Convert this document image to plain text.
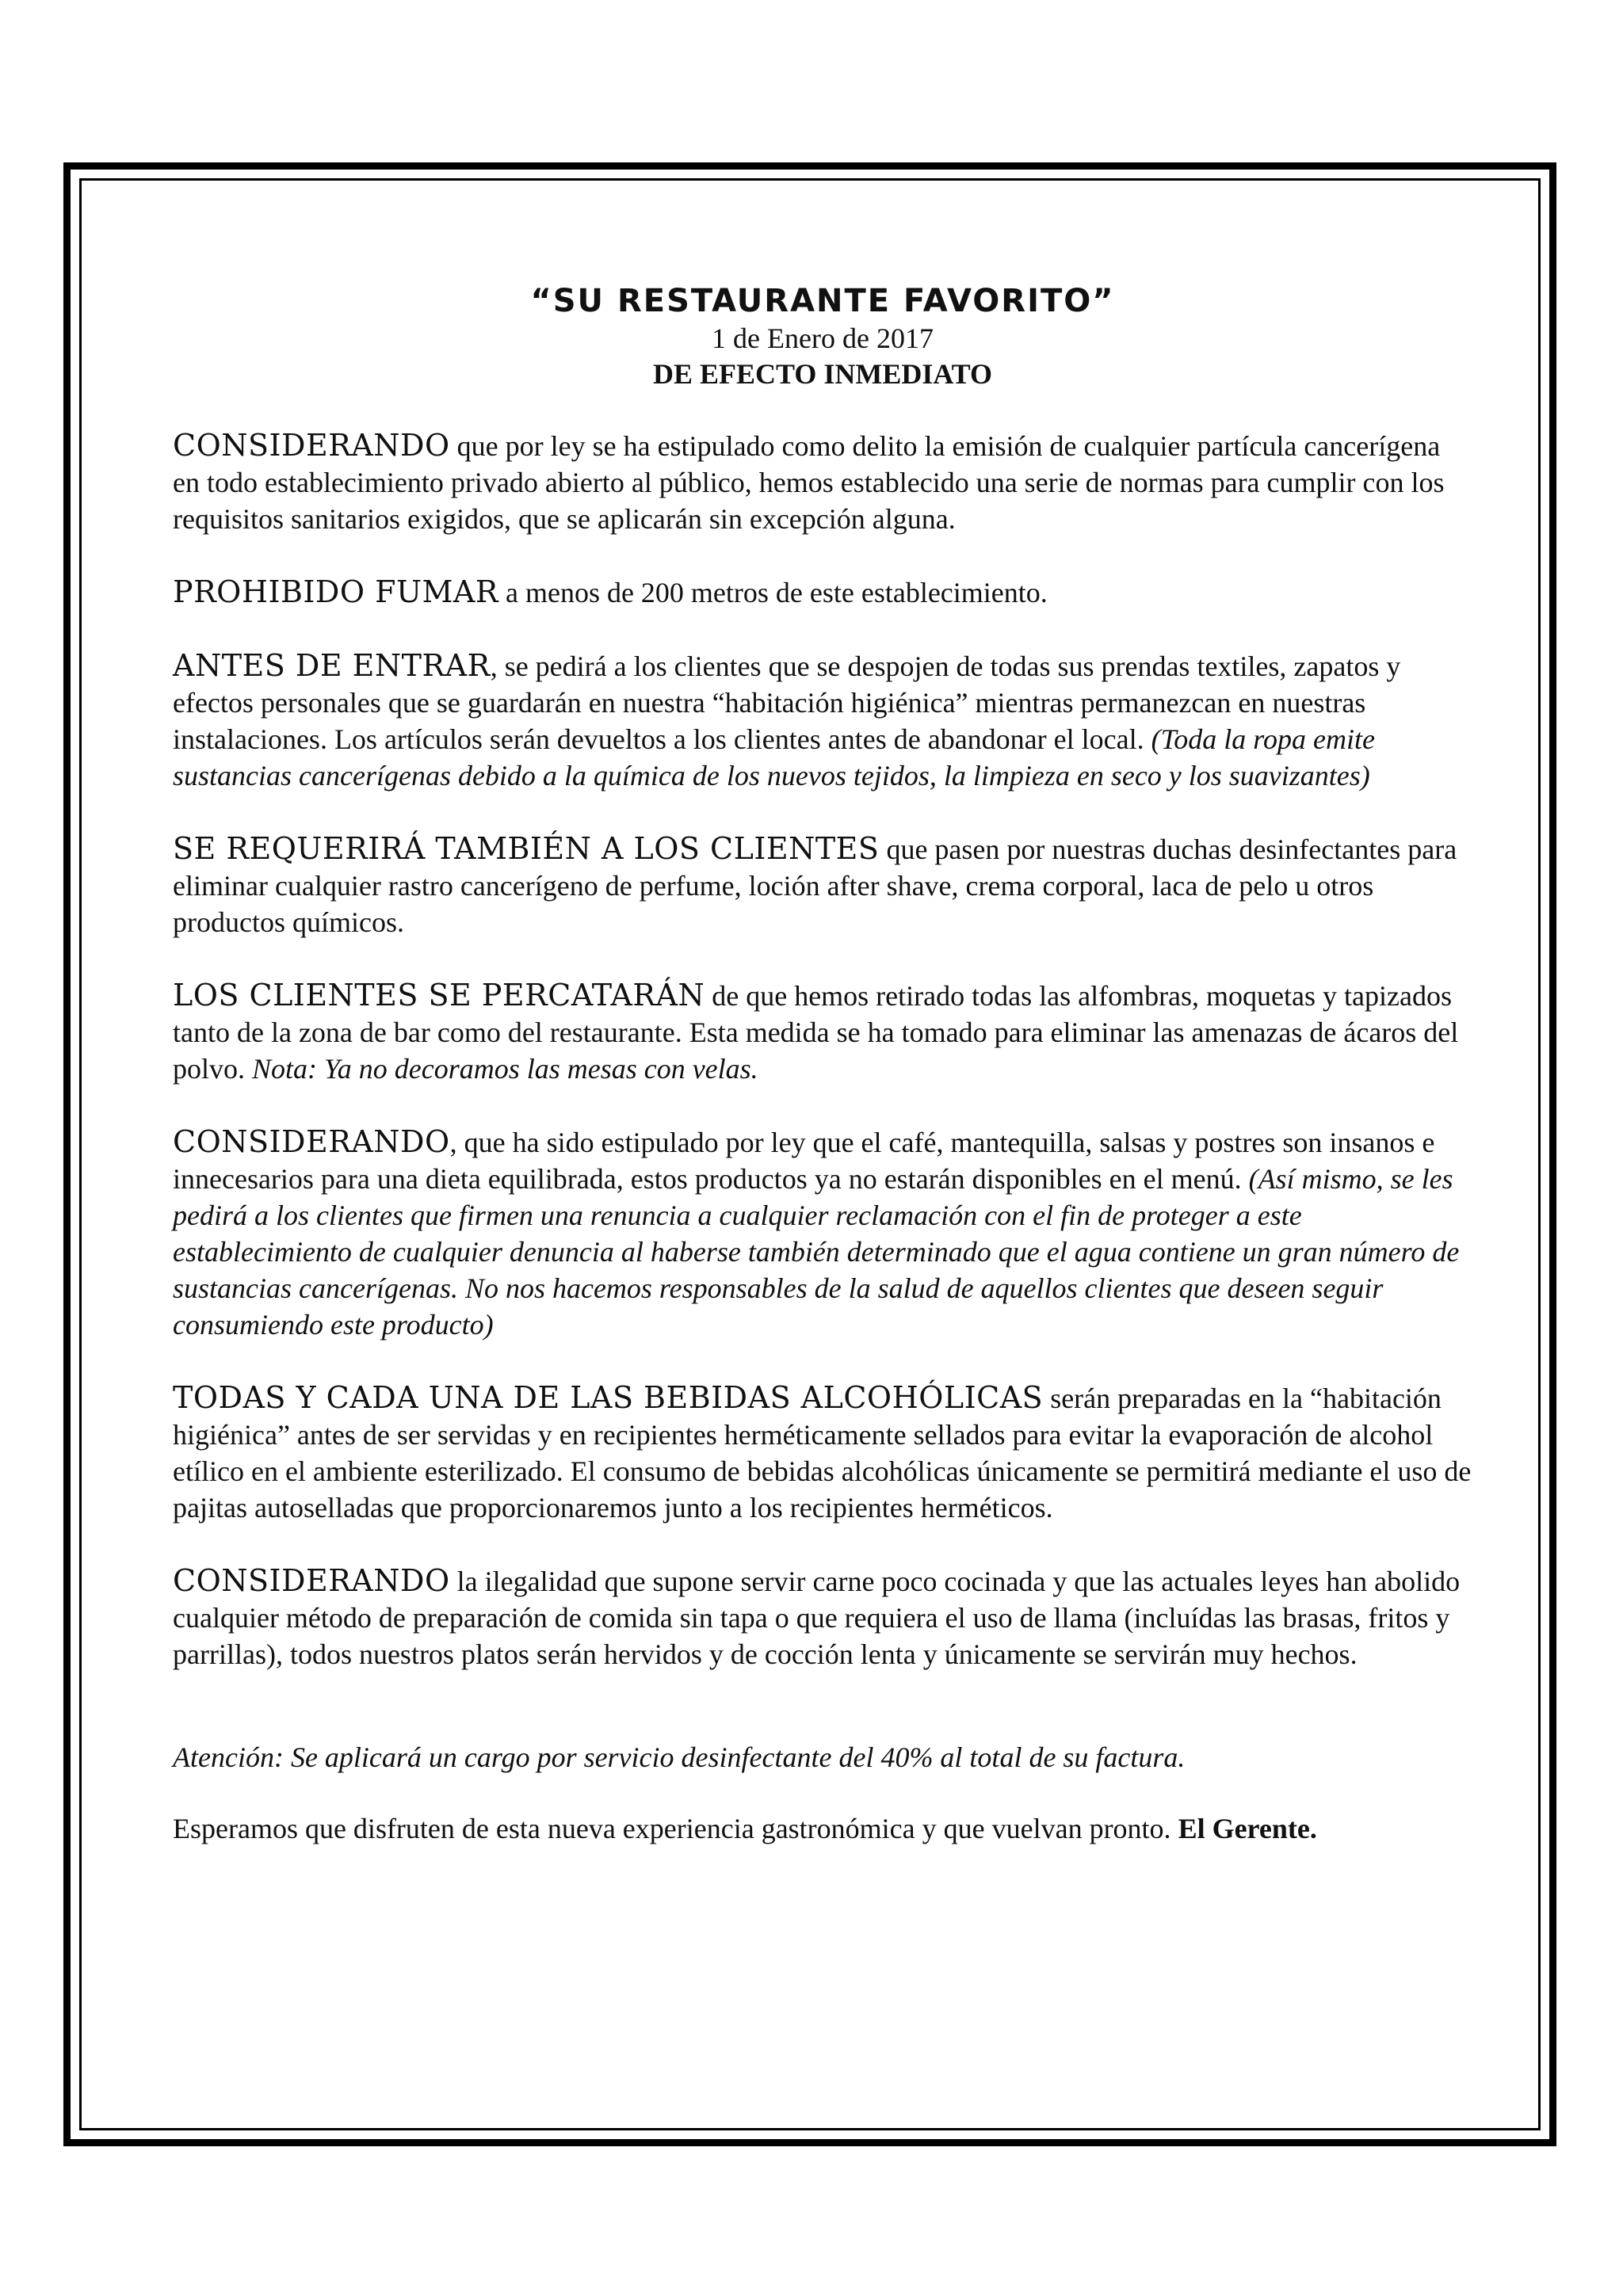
“SU RESTAURANTE FAVORITO”
1 de Enero de 2017
DE EFECTO INMEDIATO

CONSIDERANDO que por ley se ha estipulado como delito la emisión de cualquier partícula cancerígena en todo establecimiento privado abierto al público, hemos establecido una serie de normas para cumplir con los requisitos sanitarios exigidos, que se aplicarán sin excepción alguna.

PROHIBIDO FUMAR a menos de 200 metros de este establecimiento.

ANTES DE ENTRAR, se pedirá a los clientes que se despojen de todas sus prendas textiles, zapatos y efectos personales que se guardarán en nuestra “habitación higiénica” mientras permanezcan en nuestras instalaciones. Los artículos serán devueltos a los clientes antes de abandonar el local. (Toda la ropa emite sustancias cancerígenas debido a la química de los nuevos tejidos, la limpieza en seco y los suavizantes)

SE REQUERIRÁ TAMBIÉN A LOS CLIENTES que pasen por nuestras duchas desinfectantes para eliminar cualquier rastro cancerígeno de perfume, loción after shave, crema corporal, laca de pelo u otros productos químicos.

LOS CLIENTES SE PERCATARÁN de que hemos retirado todas las alfombras, moquetas y tapizados tanto de la zona de bar como del restaurante. Esta medida se ha tomado para eliminar las amenazas de ácaros del polvo. Nota: Ya no decoramos las mesas con velas.

CONSIDERANDO, que ha sido estipulado por ley que el café, mantequilla, salsas y postres son insanos e innecesarios para una dieta equilibrada, estos productos ya no estarán disponibles en el menú. (Así mismo, se les pedirá a los clientes que firmen una renuncia a cualquier reclamación con el fin de proteger a este establecimiento de cualquier denuncia al haberse también determinado que el agua contiene un gran número de sustancias cancerígenas. No nos hacemos responsables de la salud de aquellos clientes que deseen seguir consumiendo este producto)

TODAS Y CADA UNA DE LAS BEBIDAS ALCOHÓLICAS serán preparadas en la “habitación higiénica” antes de ser servidas y en recipientes herméticamente sellados para evitar la evaporación de alcohol etílico en el ambiente esterilizado. El consumo de bebidas alcohólicas únicamente se permitirá mediante el uso de pajitas autoselladas que proporcionaremos junto a los recipientes herméticos.

CONSIDERANDO la ilegalidad que supone servir carne poco cocinada y que las actuales leyes han abolido cualquier método de preparación de comida sin tapa o que requiera el uso de llama (incluídas las brasas, fritos y parrillas), todos nuestros platos serán hervidos y de cocción lenta y únicamente se servirán muy hechos.

Atención: Se aplicará un cargo por servicio desinfectante del 40% al total de su factura.

Esperamos que disfruten de esta nueva experiencia gastronómica y que vuelvan pronto. El Gerente.
